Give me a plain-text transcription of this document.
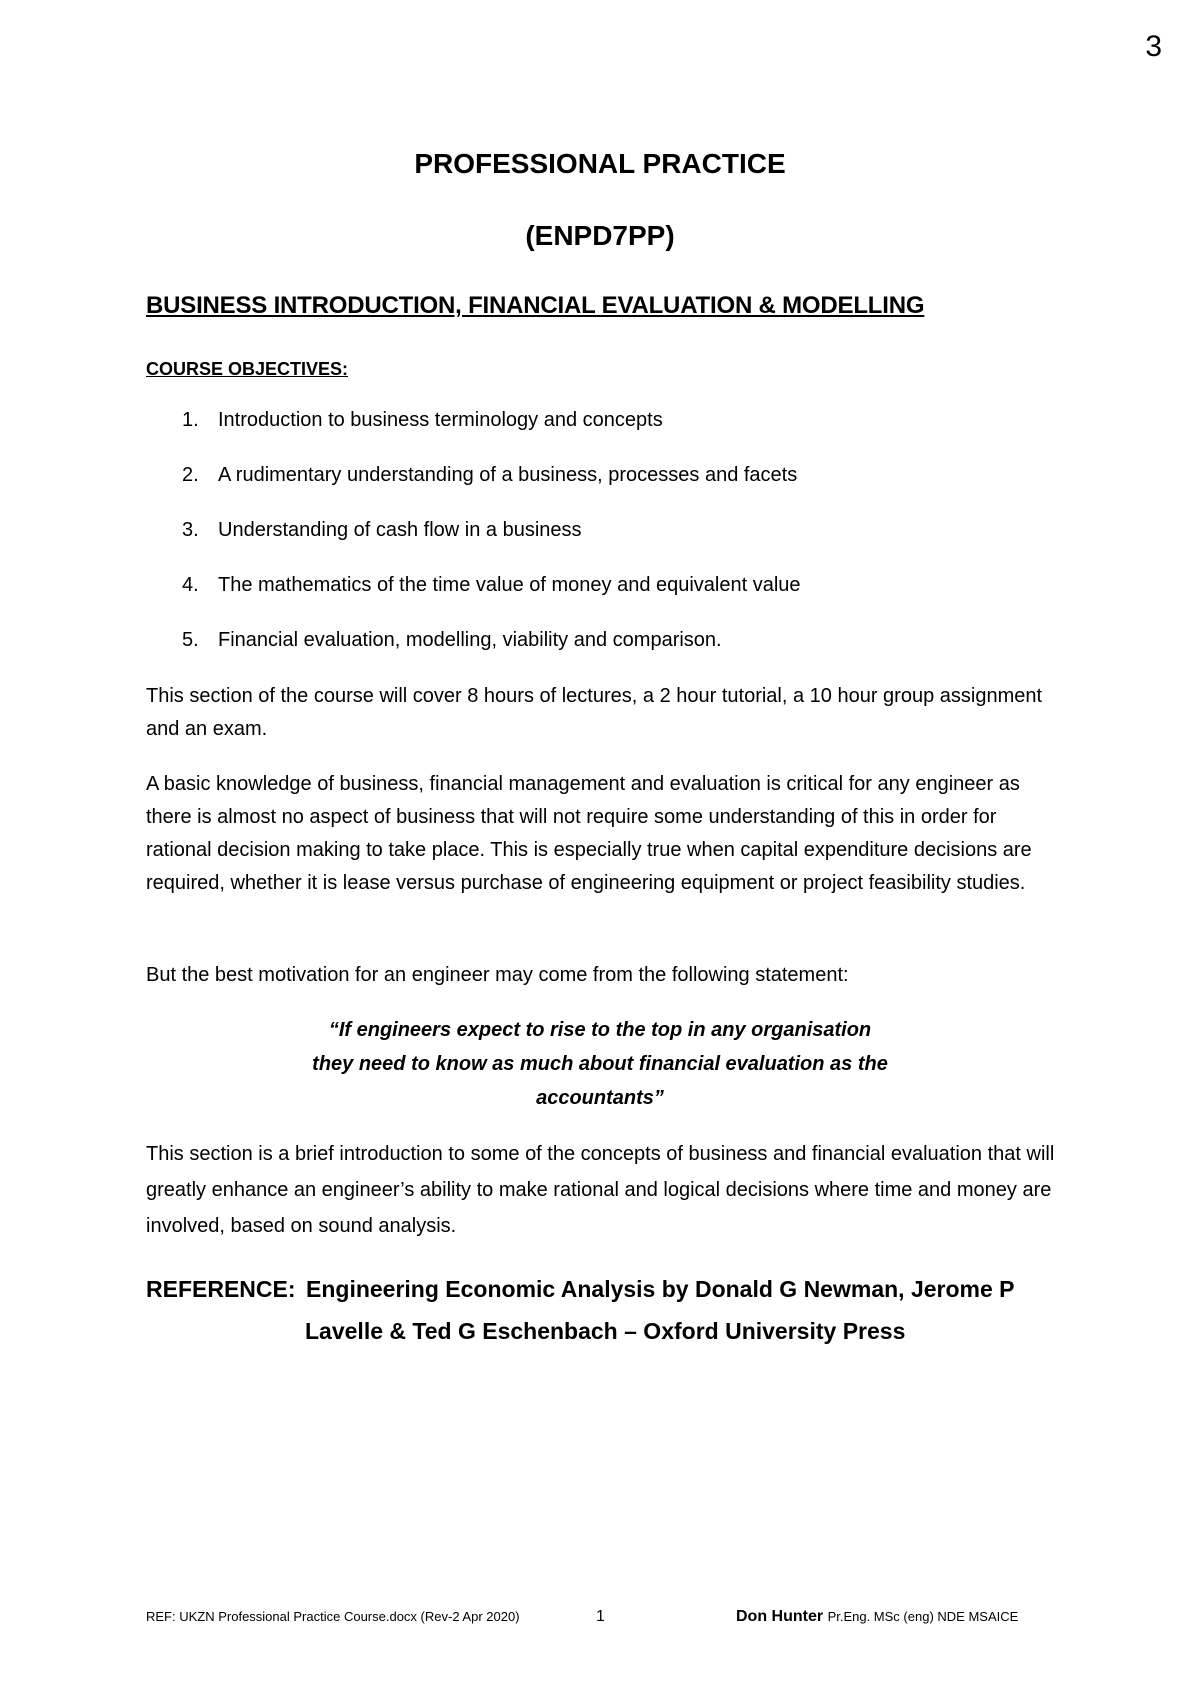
3
PROFESSIONAL PRACTICE
(ENPD7PP)
BUSINESS INTRODUCTION, FINANCIAL EVALUATION & MODELLING
COURSE OBJECTIVES:
1. Introduction to business terminology and concepts
2. A rudimentary understanding of a business, processes and facets
3. Understanding of cash flow in a business
4. The mathematics of the time value of money and equivalent value
5. Financial evaluation, modelling, viability and comparison.

This section of the course will cover 8 hours of lectures, a 2 hour tutorial, a 10 hour group assignment and an exam.

A basic knowledge of business, financial management and evaluation is critical for any engineer as there is almost no aspect of business that will not require some understanding of this in order for rational decision making to take place. This is especially true when capital expenditure decisions are required, whether it is lease versus purchase of engineering equipment or project feasibility studies.

But the best motivation for an engineer may come from the following statement:

“If engineers expect to rise to the top in any organisation
they need to know as much about financial evaluation as the
accountants”

This section is a brief introduction to some of the concepts of business and financial evaluation that will greatly enhance an engineer’s ability to make rational and logical decisions where time and money are involved, based on sound analysis.

REFERENCE: Engineering Economic Analysis by Donald G Newman, Jerome P
Lavelle & Ted G Eschenbach – Oxford University Press
REF: UKZN Professional Practice Course.docx (Rev-2 Apr 2020)	1	Don Hunter Pr.Eng. MSc (eng) NDE MSAICE
